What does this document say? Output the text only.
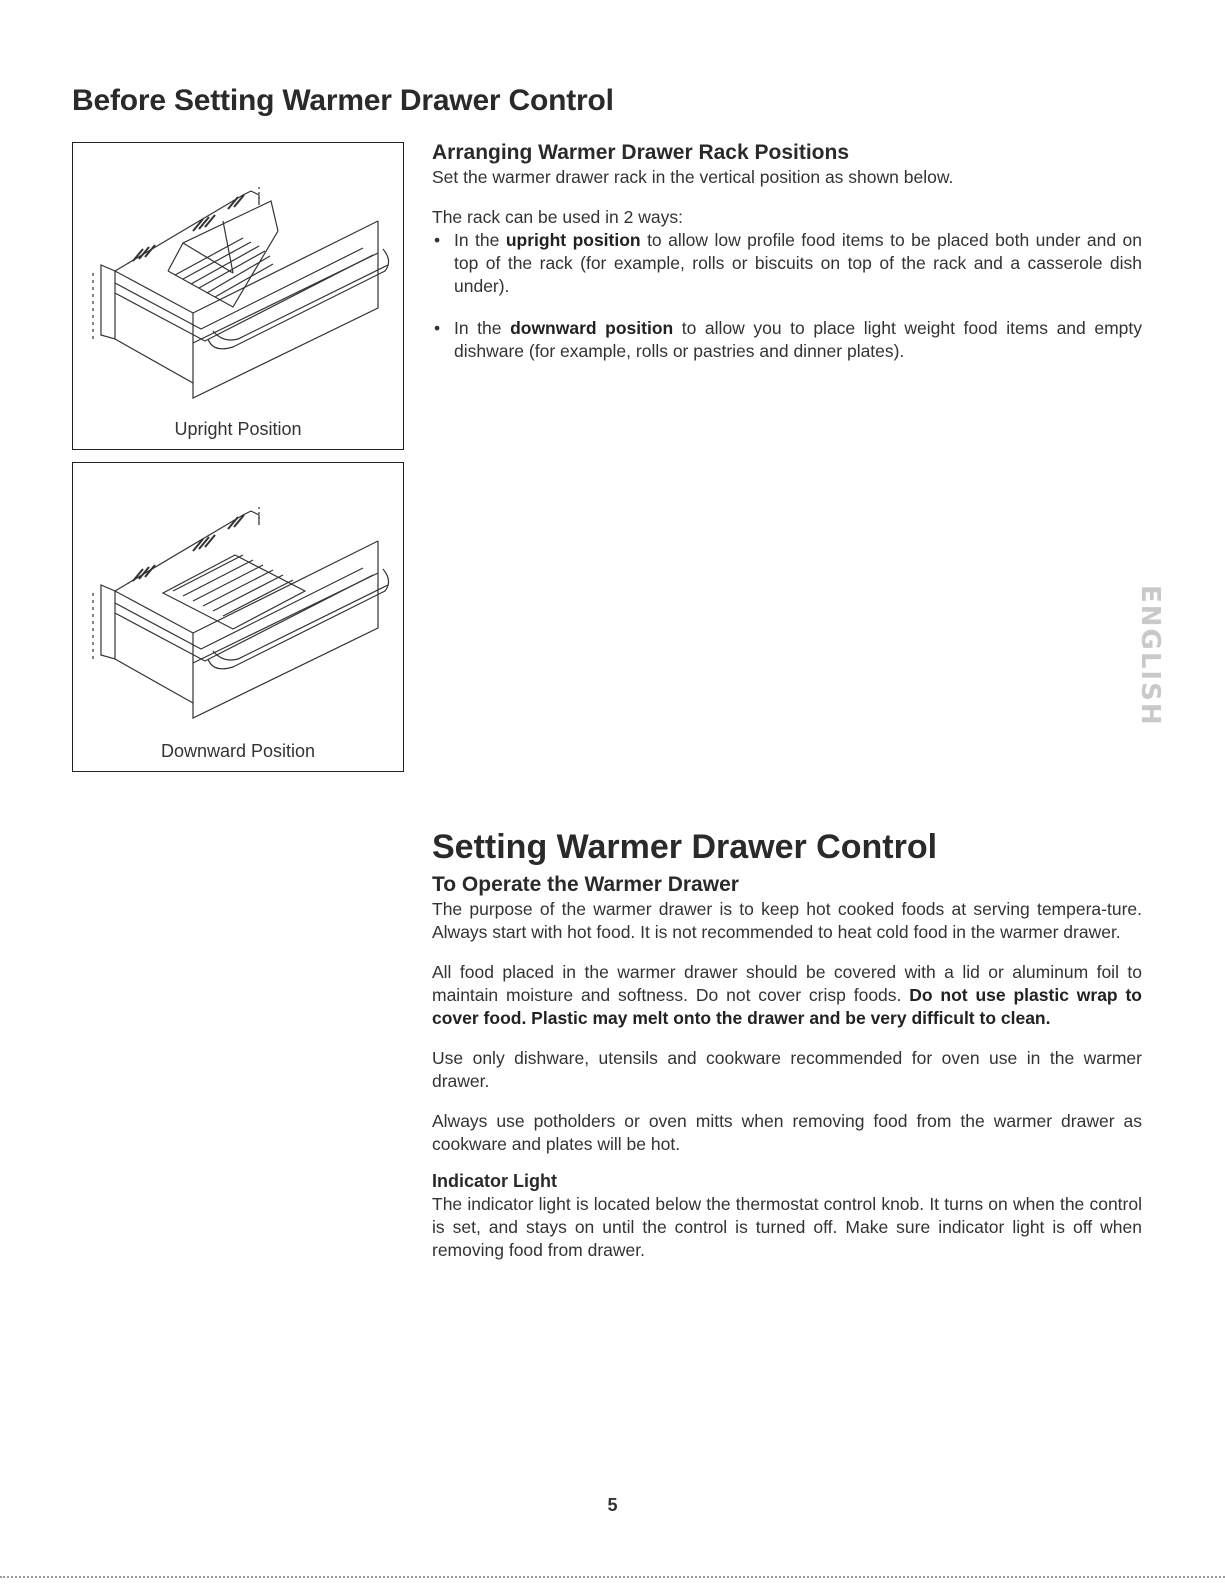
Before Setting Warmer Drawer Control
Upright Position
Downward Position
Arranging Warmer Drawer Rack Positions

Set the warmer drawer rack in the vertical position as shown below.

The rack can be used in 2 ways:

• In the upright position to allow low profile food items to be placed both under and on top of the rack (for example, rolls or biscuits on top of the rack and a casserole dish under).
• In the downward position to allow you to place light weight food items and empty dishware (for example, rolls or pastries and dinner plates).
ENGLISH
Setting Warmer Drawer Control
To Operate the Warmer Drawer

The purpose of the warmer drawer is to keep hot cooked foods at serving tempera-ture. Always start with hot food. It is not recommended to heat cold food in the warmer drawer.

All food placed in the warmer drawer should be covered with a lid or aluminum foil to maintain moisture and softness. Do not cover crisp foods. Do not use plastic wrap to cover food. Plastic may melt onto the drawer and be very difficult to clean.

Use only dishware, utensils and cookware recommended for oven use in the warmer drawer.

Always use potholders or oven mitts when removing food from the warmer drawer as cookware and plates will be hot.

Indicator Light

The indicator light is located below the thermostat control knob. It turns on when the control is set, and stays on until the control is turned off. Make sure indicator light is off when removing food from drawer.

5
